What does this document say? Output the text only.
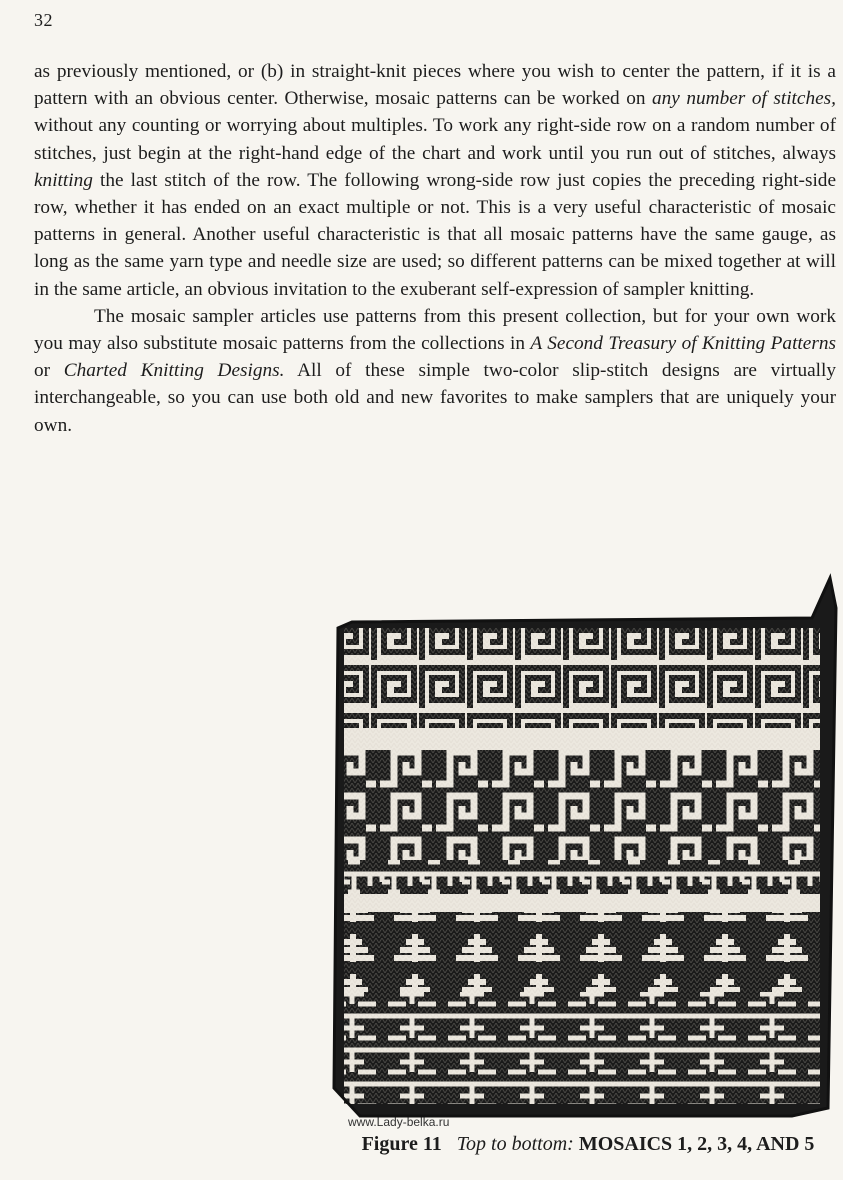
32

as previously mentioned, or (b) in straight-knit pieces where you wish to center the pattern, if it is a pattern with an obvious center. Otherwise, mosaic patterns can be worked on any number of stitches, without any counting or worrying about multiples. To work any right-side row on a random number of stitches, just begin at the right-hand edge of the chart and work until you run out of stitches, always knitting the last stitch of the row. The following wrong-side row just copies the preceding right-side row, whether it has ended on an exact multiple or not. This is a very useful characteristic of mosaic patterns in general. Another useful characteristic is that all mosaic patterns have the same gauge, as long as the same yarn type and needle size are used; so different patterns can be mixed together at will in the same article, an obvious invitation to the exuberant self-expression of sampler knitting.

The mosaic sampler articles use patterns from this present collection, but for your own work you may also substitute mosaic patterns from the collections in A Second Treasury of Knitting Patterns or Charted Knitting Designs. All of these simple two-color slip-stitch designs are virtually interchangeable, so you can use both old and new favorites to make samplers that are uniquely your own.

www.Lady-belka.ru
Figure 11 Top to bottom: MOSAICS 1, 2, 3, 4, AND 5
